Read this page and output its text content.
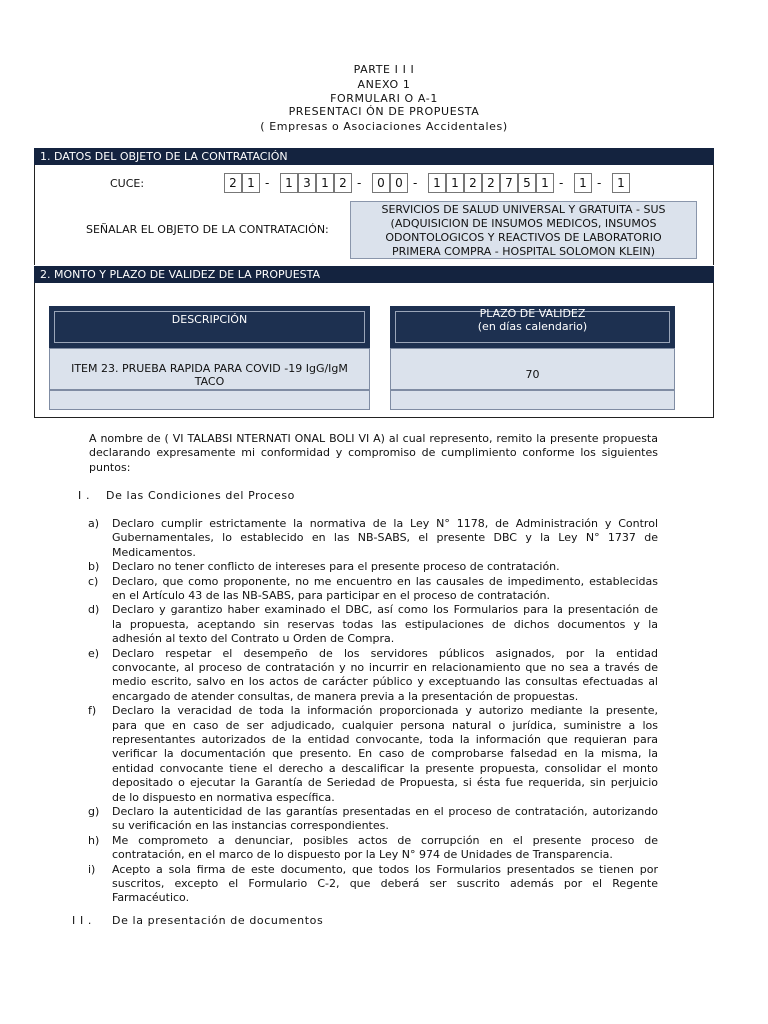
PARTE I I I
ANEXO 1
FORMULARI O A-1
PRESENTACI ÓN DE PROPUESTA
( Empresas o Asociaciones Accidentales)
1. DATOS DEL OBJETO DE LA CONTRATACIÓN
CUCE:	2 1 -	1 3 1 2 -	0 0 -	1 1 2 2 7 5 1 -	1 -	1
SEÑALAR EL OBJETO DE LA CONTRATACIÓN:
SERVICIOS DE SALUD UNIVERSAL Y GRATUITA - SUS
(ADQUISICION DE INSUMOS MEDICOS, INSUMOS
ODONTOLOGICOS Y REACTIVOS DE LABORATORIO
PRIMERA COMPRA - HOSPITAL SOLOMON KLEIN)
2. MONTO Y PLAZO DE VALIDEZ DE LA PROPUESTA
DESCRIPCIÓN	PLAZO DE VALIDEZ
(en días calendario)
ITEM 23. PRUEBA RAPIDA PARA COVID -19 IgG/IgM
TACO
70
A nombre de ( VI TALABSI NTERNATI ONAL BOLI VI A) al cual represento, remito la presente propuesta declarando expresamente mi conformidad y compromiso de cumplimiento conforme los siguientes puntos:
I . De las Condiciones del Proceso
a) Declaro cumplir estrictamente la normativa de la Ley N° 1178, de Administración y Control
Gubernamentales, lo establecido en las NB-SABS, el presente DBC y la Ley N° 1737 de
Medicamentos.
b) Declaro no tener conflicto de intereses para el presente proceso de contratación.
c) Declaro, que como proponente, no me encuentro en las causales de impedimento, establecidas
en el Artículo 43 de las NB-SABS, para participar en el proceso de contratación.
d) Declaro y garantizo haber examinado el DBC, así como los Formularios para la presentación de
la propuesta, aceptando sin reservas todas las estipulaciones de dichos documentos y la
adhesión al texto del Contrato u Orden de Compra.
e) Declaro respetar el desempeño de los servidores públicos asignados, por la entidad
convocante, al proceso de contratación y no incurrir en relacionamiento que no sea a través de
medio escrito, salvo en los actos de carácter público y exceptuando las consultas efectuadas al
encargado de atender consultas, de manera previa a la presentación de propuestas.
f) Declaro la veracidad de toda la información proporcionada y autorizo mediante la presente,
para que en caso de ser adjudicado, cualquier persona natural o jurídica, suministre a los
representantes autorizados de la entidad convocante, toda la información que requieran para
verificar la documentación que presento. En caso de comprobarse falsedad en la misma, la
entidad convocante tiene el derecho a descalificar la presente propuesta, consolidar el monto
depositado o ejecutar la Garantía de Seriedad de Propuesta, si ésta fue requerida, sin perjuicio
de lo dispuesto en normativa específica.
g) Declaro la autenticidad de las garantías presentadas en el proceso de contratación, autorizando
su verificación en las instancias correspondientes.
h) Me comprometo a denunciar, posibles actos de corrupción en el presente proceso de
contratación, en el marco de lo dispuesto por la Ley N° 974 de Unidades de Transparencia.
i) Acepto a sola firma de este documento, que todos los Formularios presentados se tienen por
suscritos, excepto el Formulario C-2, que deberá ser suscrito además por el Regente
Farmacéutico.
I I . De la presentación de documentos
